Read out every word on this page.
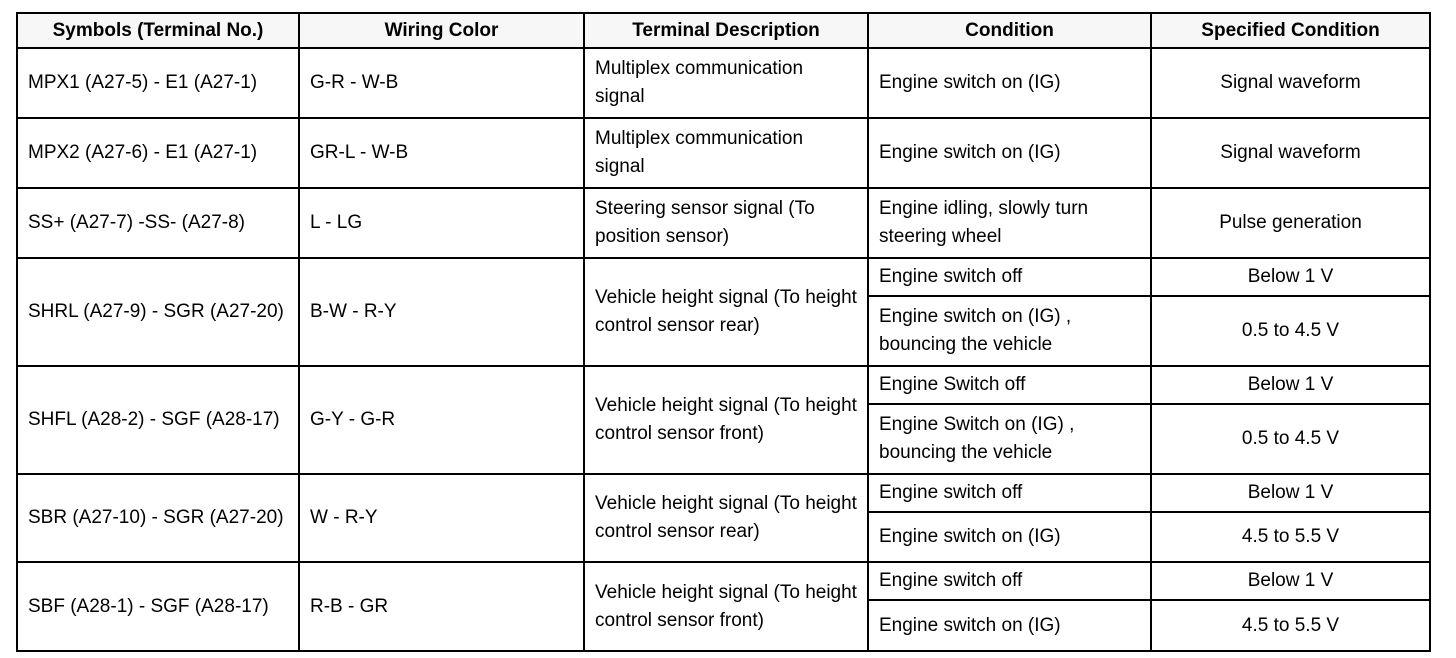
Symbols (Terminal No.)	Wiring Color	Terminal Description	Condition	Specified Condition
MPX1 (A27-5) - E1 (A27-1)	G-R - W-B	Multiplex communication signal	Engine switch on (IG)	Signal waveform
MPX2 (A27-6) - E1 (A27-1)	GR-L - W-B	Multiplex communication signal	Engine switch on (IG)	Signal waveform
SS+ (A27-7) -SS- (A27-8)	L - LG	Steering sensor signal (To position sensor)	Engine idling, slowly turn steering wheel	Pulse generation
SHRL (A27-9) - SGR (A27-20)	B-W - R-Y	Vehicle height signal (To height control sensor rear)	Engine switch off	Below 1 V
			Engine switch on (IG) , bouncing the vehicle	0.5 to 4.5 V
SHFL (A28-2) - SGF (A28-17)	G-Y - G-R	Vehicle height signal (To height control sensor front)	Engine Switch off	Below 1 V
			Engine Switch on (IG) , bouncing the vehicle	0.5 to 4.5 V
SBR (A27-10) - SGR (A27-20)	W - R-Y	Vehicle height signal (To height control sensor rear)	Engine switch off	Below 1 V
			Engine switch on (IG)	4.5 to 5.5 V
SBF (A28-1) - SGF (A28-17)	R-B - GR	Vehicle height signal (To height control sensor front)	Engine switch off	Below 1 V
			Engine switch on (IG)	4.5 to 5.5 V
